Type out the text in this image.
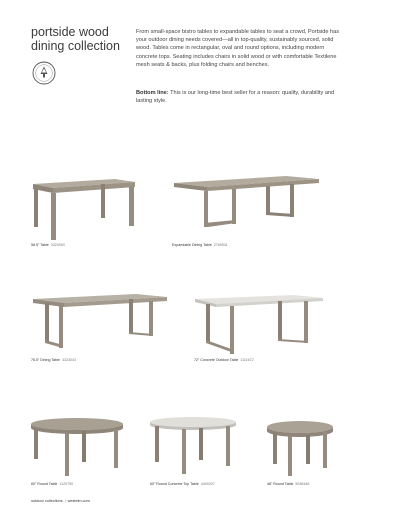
portside wood
dining collection

From small-space bistro tables to expandable tables to seat a crowd, Portside has your outdoor dining needs covered—all in top-quality, sustainably sourced, solid wood. Tables come in rectangular, oval and round options, including modern concrete tops. Seating includes chairs in solid wood or with comfortable Textilene mesh seats & backs, plus folding chairs and benches.

Bottom line: This is our long-time best seller for a reason: quality, durability and lasting style.

58.5" Table 3323063	Expandable Dining Table 2769541
76.5" Dining Table 3323043	72" Concrete Outdoor Table 1111672
60" Round Table 1120790	60" Round Concrete Top Table 4400207	48" Round Table 5038446
outdoor collections | westelm.com
